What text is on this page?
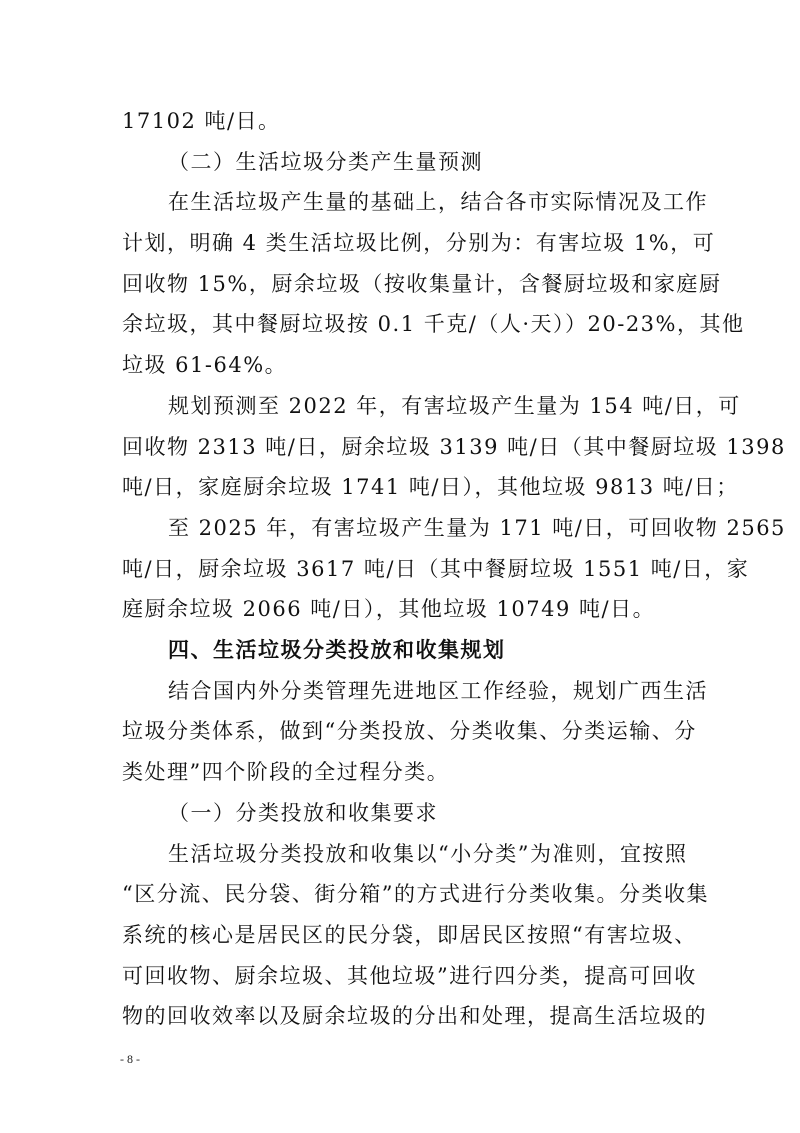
17102 吨/日。
（二）生活垃圾分类产生量预测
在生活垃圾产生量的基础上，结合各市实际情况及工作
计划，明确 4 类生活垃圾比例，分别为：有害垃圾 1%，可
回收物 15%，厨余垃圾（按收集量计，含餐厨垃圾和家庭厨
余垃圾，其中餐厨垃圾按 0.1 千克/（人·天））20-23%，其他
垃圾 61-64%。
规划预测至 2022 年，有害垃圾产生量为 154 吨/日，可
回收物 2313 吨/日，厨余垃圾 3139 吨/日（其中餐厨垃圾 1398
吨/日，家庭厨余垃圾 1741 吨/日），其他垃圾 9813 吨/日；
至 2025 年，有害垃圾产生量为 171 吨/日，可回收物 2565
吨/日，厨余垃圾 3617 吨/日（其中餐厨垃圾 1551 吨/日，家
庭厨余垃圾 2066 吨/日），其他垃圾 10749 吨/日。
四、生活垃圾分类投放和收集规划
结合国内外分类管理先进地区工作经验，规划广西生活
垃圾分类体系，做到“分类投放、分类收集、分类运输、分
类处理”四个阶段的全过程分类。
（一）分类投放和收集要求
生活垃圾分类投放和收集以“小分类”为准则，宜按照
“区分流、民分袋、街分箱”的方式进行分类收集。分类收集
系统的核心是居民区的民分袋，即居民区按照“有害垃圾、
可回收物、厨余垃圾、其他垃圾”进行四分类，提高可回收
物的回收效率以及厨余垃圾的分出和处理，提高生活垃圾的
- 8 -
